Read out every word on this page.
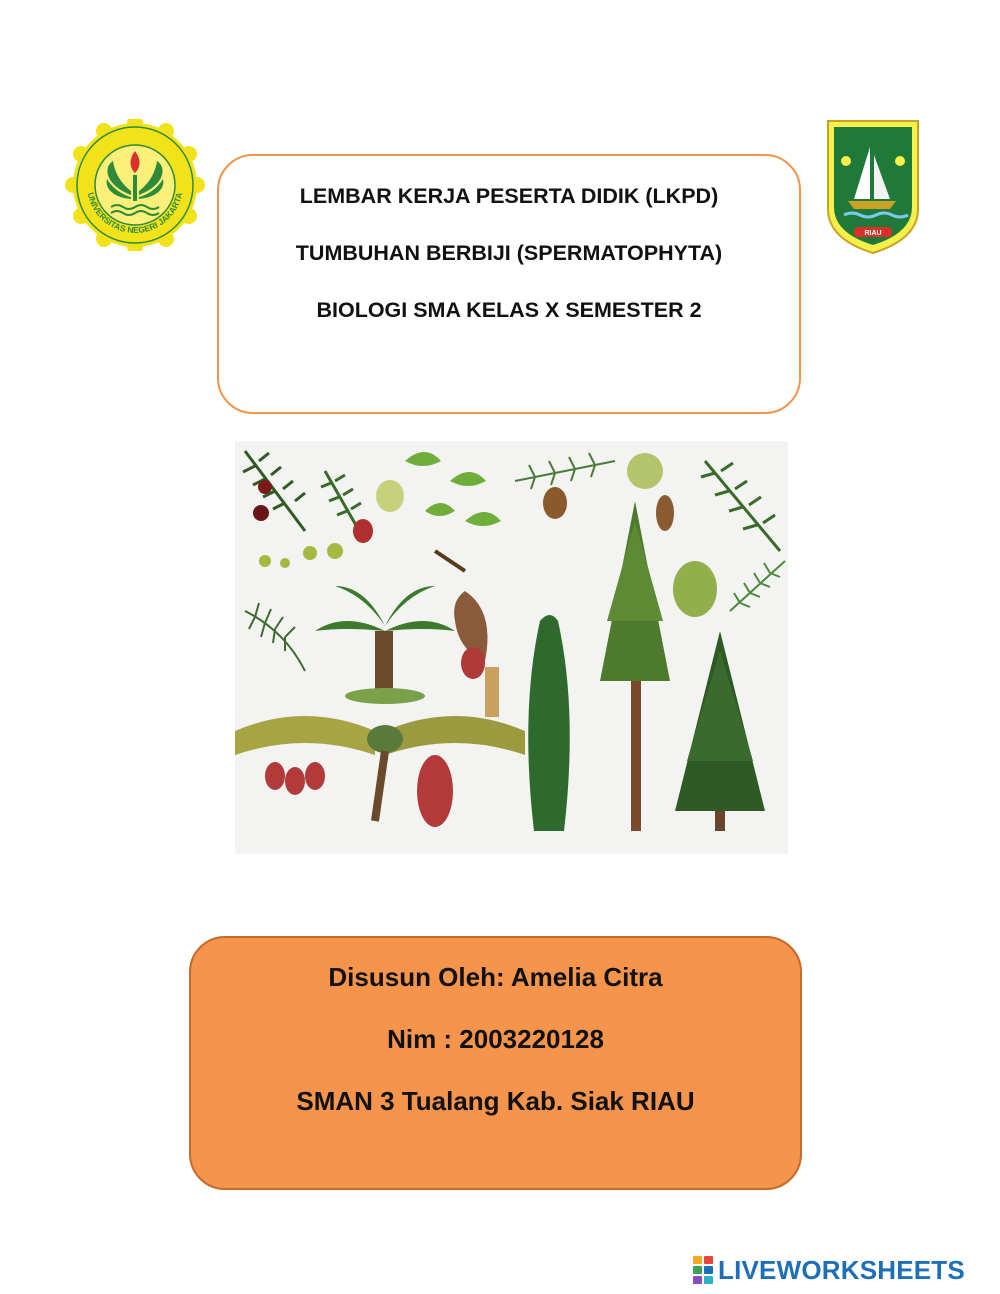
UNIVERSITAS NEGERI JAKARTA
RIAU
LEMBAR KERJA PESERTA DIDIK (LKPD)
TUMBUHAN BERBIJI (SPERMATOPHYTA)
BIOLOGI SMA KELAS X SEMESTER 2
Disusun Oleh: Amelia Citra
Nim : 2003220128
SMAN 3 Tualang Kab. Siak RIAU
LIVEWORKSHEETS
